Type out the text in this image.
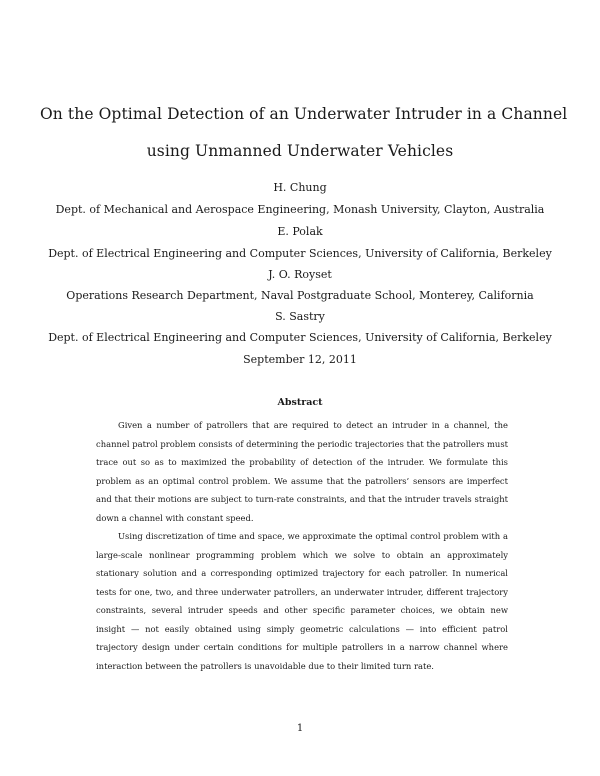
On the Optimal Detection of an Underwater Intruder in a Channel
using Unmanned Underwater Vehicles
H. Chung
Dept. of Mechanical and Aerospace Engineering, Monash University, Clayton, Australia
E. Polak
Dept. of Electrical Engineering and Computer Sciences, University of California, Berkeley
J. O. Royset
Operations Research Department, Naval Postgraduate School, Monterey, California
S. Sastry
Dept. of Electrical Engineering and Computer Sciences, University of California, Berkeley
September 12, 2011
Abstract

Given a number of patrollers that are required to detect an intruder in a channel, the channel patrol problem consists of determining the periodic trajectories that the patrollers must trace out so as to maximized the probability of detection of the intruder. We formulate this problem as an optimal control problem. We assume that the patrollers’ sensors are imperfect and that their motions are subject to turn-rate constraints, and that the intruder travels straight down a channel with constant speed.

Using discretization of time and space, we approximate the optimal control problem with a large-scale nonlinear programming problem which we solve to obtain an approximately stationary solution and a corresponding optimized trajectory for each patroller. In numerical tests for one, two, and three underwater patrollers, an underwater intruder, different trajectory constraints, several intruder speeds and other specific parameter choices, we obtain new insight — not easily obtained using simply geometric calculations — into efficient patrol trajectory design under certain conditions for multiple patrollers in a narrow channel where interaction between the patrollers is unavoidable due to their limited turn rate.

1
